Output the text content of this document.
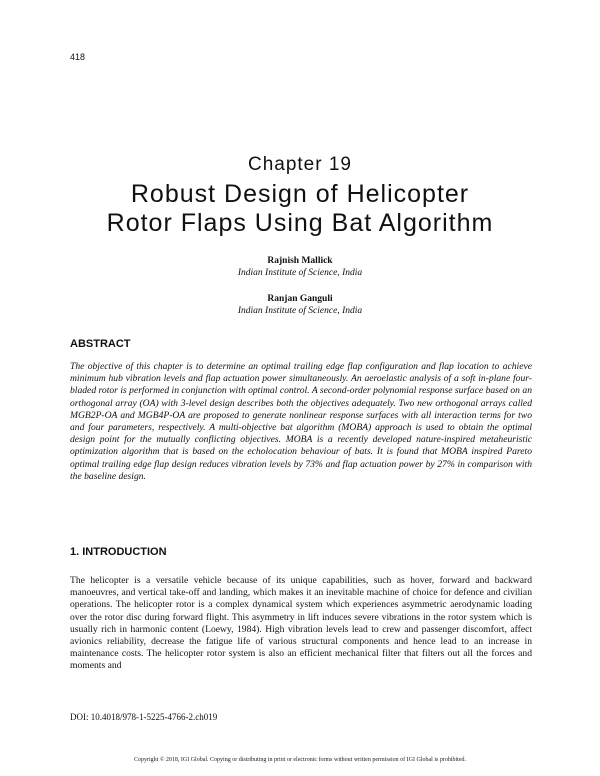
418
Chapter 19
Robust Design of Helicopter
Rotor Flaps Using Bat Algorithm
Rajnish Mallick
Indian Institute of Science, India
Ranjan Ganguli
Indian Institute of Science, India
ABSTRACT
The objective of this chapter is to determine an optimal trailing edge flap configuration and flap location to achieve minimum hub vibration levels and flap actuation power simultaneously. An aeroelastic analysis of a soft in-plane four-bladed rotor is performed in conjunction with optimal control. A second-order polynomial response surface based on an orthogonal array (OA) with 3-level design describes both the objectives adequately. Two new orthogonal arrays called MGB2P-OA and MGB4P-OA are proposed to generate nonlinear response surfaces with all interaction terms for two and four parameters, respectively. A multi-objective bat algorithm (MOBA) approach is used to obtain the optimal design point for the mutually conflicting objectives. MOBA is a recently developed nature-inspired metaheuristic optimization algorithm that is based on the echolocation behaviour of bats. It is found that MOBA inspired Pareto optimal trailing edge flap design reduces vibration levels by 73% and flap actuation power by 27% in comparison with the baseline design.
1. INTRODUCTION
The helicopter is a versatile vehicle because of its unique capabilities, such as hover, forward and backward manoeuvres, and vertical take-off and landing, which makes it an inevitable machine of choice for defence and civilian operations. The helicopter rotor is a complex dynamical system which experiences asymmetric aerodynamic loading over the rotor disc during forward flight. This asymmetry in lift induces severe vibrations in the rotor system which is usually rich in harmonic content (Loewy, 1984). High vibration levels lead to crew and passenger discomfort, affect avionics reliability, decrease the fatigue life of various structural components and hence lead to an increase in maintenance costs. The helicopter rotor system is also an efficient mechanical filter that filters out all the forces and moments and
DOI: 10.4018/978-1-5225-4766-2.ch019
Copyright © 2018, IGI Global. Copying or distributing in print or electronic forms without written permission of IGI Global is prohibited.
